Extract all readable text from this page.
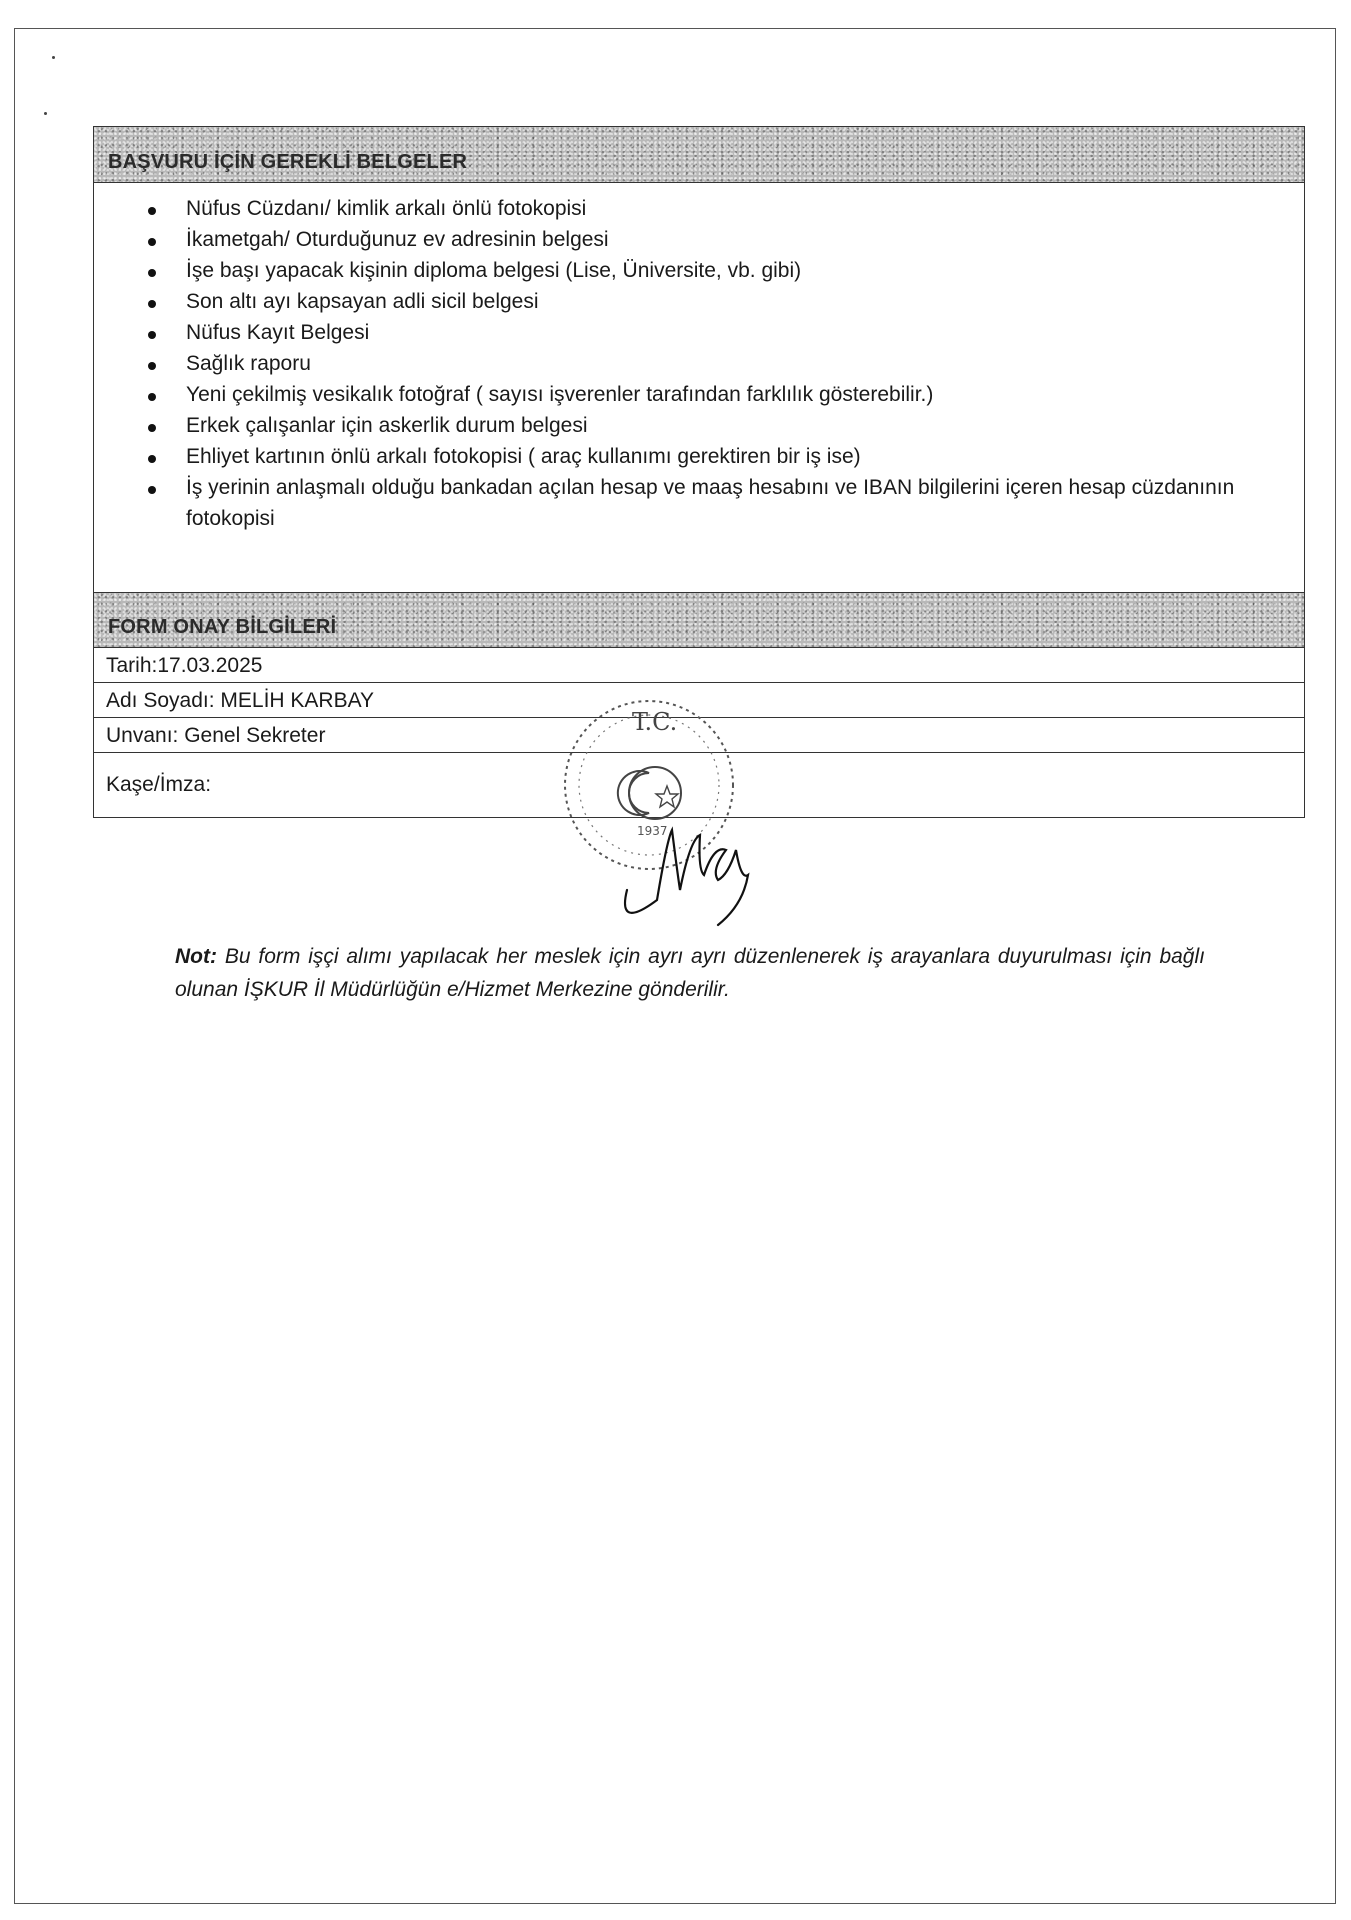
BAŞVURU İÇİN GEREKLİ BELGELER
Nüfus Cüzdanı/ kimlik arkalı önlü fotokopisi
İkametgah/ Oturduğunuz ev adresinin belgesi
İşe başı yapacak kişinin diploma belgesi (Lise, Üniversite, vb. gibi)
Son altı ayı kapsayan adli sicil belgesi
Nüfus Kayıt Belgesi
Sağlık raporu
Yeni çekilmiş vesikalık fotoğraf ( sayısı işverenler tarafından farklılık gösterebilir.)
Erkek çalışanlar için askerlik durum belgesi
Ehliyet kartının önlü arkalı fotokopisi ( araç kullanımı gerektiren bir iş ise)
İş yerinin anlaşmalı olduğu bankadan açılan hesap ve maaş hesabını ve IBAN bilgilerini içeren hesap cüzdanının fotokopisi
FORM ONAY BİLGİLERİ
Tarih:17.03.2025
Adı Soyadı: MELİH KARBAY
Unvanı: Genel Sekreter
Kaşe/İmza:
T.C.
1937
Not: Bu form işçi alımı yapılacak her meslek için ayrı ayrı düzenlenerek iş arayanlara duyurulması için bağlı olunan İŞKUR İl Müdürlüğün e/Hizmet Merkezine gönderilir.
